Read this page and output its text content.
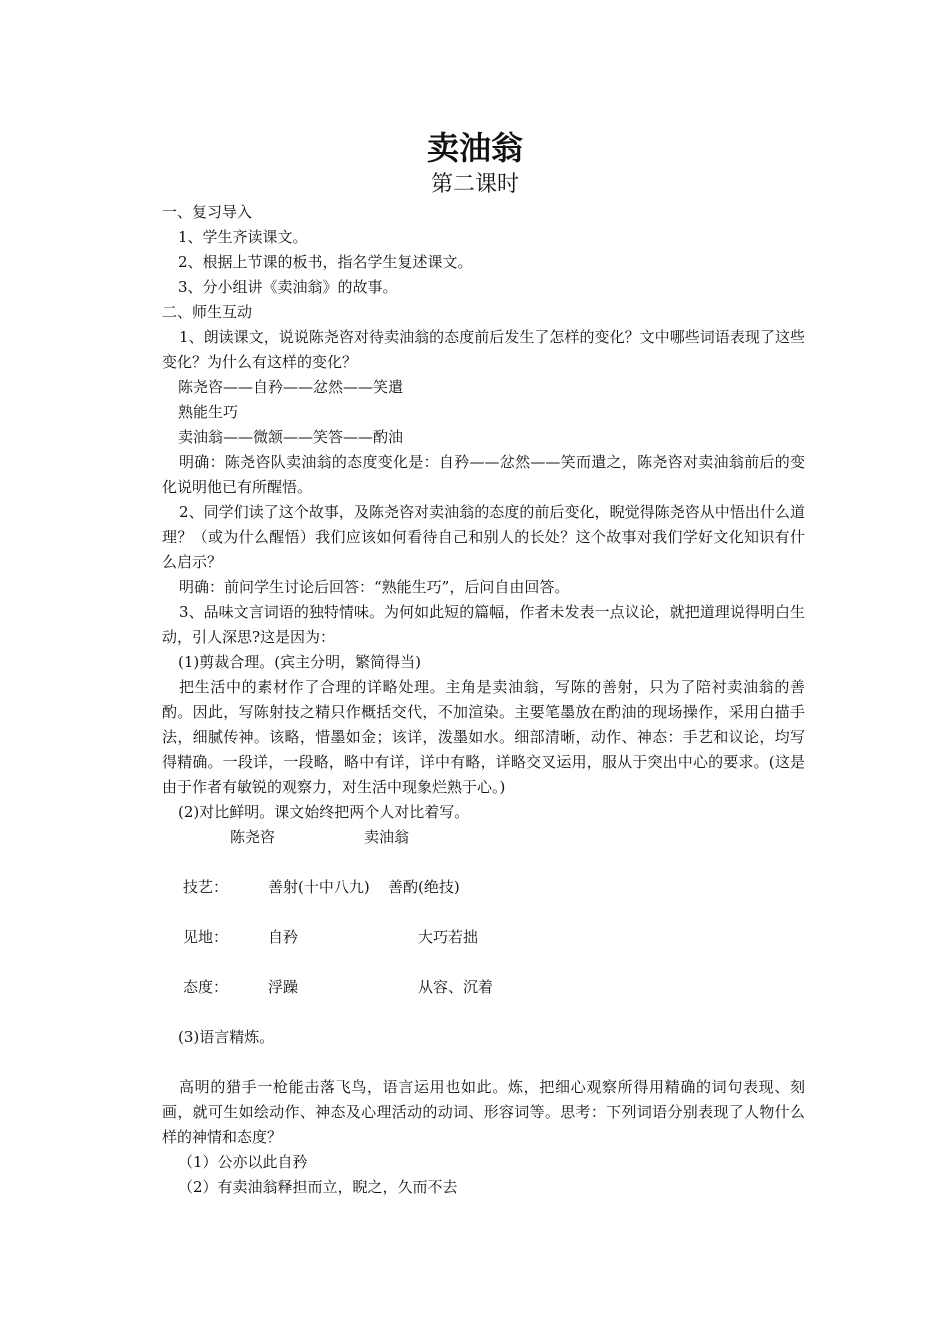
卖油翁
第二课时

一、复习导入

1、学生齐读课文。

2、根据上节课的板书，指名学生复述课文。

3、分小组讲《卖油翁》的故事。

二、师生互动

1、朗读课文，说说陈尧咨对待卖油翁的态度前后发生了怎样的变化？文中哪些词语表现了这些变化？为什么有这样的变化？

陈尧咨——自矜——忿然——笑遣

熟能生巧

卖油翁——微颔——笑答——酌油

明确：陈尧咨队卖油翁的态度变化是：自矜——忿然——笑而遣之，陈尧咨对卖油翁前后的变化说明他已有所醒悟。

2、同学们读了这个故事，及陈尧咨对卖油翁的态度的前后变化，睨觉得陈尧咨从中悟出什么道理？（或为什么醒悟）我们应该如何看待自己和别人的长处？这个故事对我们学好文化知识有什么启示？

明确：前问学生讨论后回答：“熟能生巧”，后问自由回答。

3、品味文言词语的独特情味。为何如此短的篇幅，作者未发表一点议论，就把道理说得明白生动，引人深思?这是因为：

(1)剪裁合理。(宾主分明，繁简得当)

把生活中的素材作了合理的详略处理。主角是卖油翁，写陈的善射，只为了陪衬卖油翁的善酌。因此，写陈射技之精只作概括交代，不加渲染。主要笔墨放在酌油的现场操作，采用白描手法，细腻传神。该略，惜墨如金；该详，泼墨如水。细部清晰，动作、神态：手艺和议论，均写得精确。一段详，一段略，略中有详，详中有略，详略交叉运用，服从于突出中心的要求。(这是由于作者有敏锐的观察力，对生活中现象烂熟于心。)

(2)对比鲜明。课文始终把两个人对比着写。

陈尧咨	卖油翁
技艺：	善射(十中八九) 善酌(绝技)
见地：	自矜	大巧若拙
态度：	浮躁	从容、沉着

(3)语言精炼。

高明的猎手一枪能击落飞鸟，语言运用也如此。炼，把细心观察所得用精确的词句表现、刻画，就可生如绘动作、神态及心理活动的动词、形容词等。思考：下列词语分别表现了人物什么样的神情和态度？

（1）公亦以此自矜

（2）有卖油翁释担而立，睨之，久而不去
